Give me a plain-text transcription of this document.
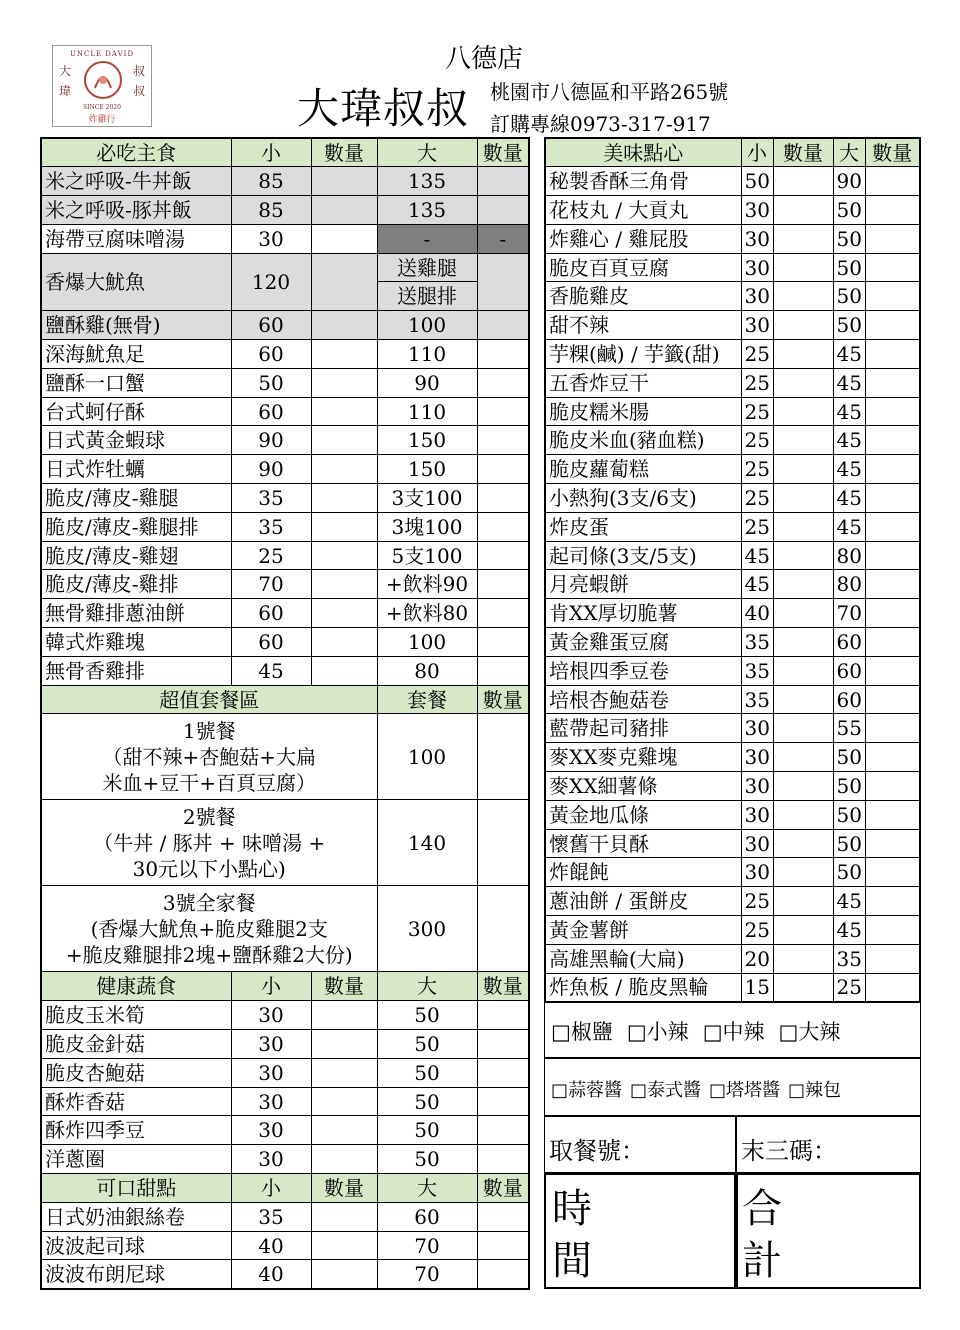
UNCLE DAVID
大	叔
瑋	叔
SINCE 2020
炸雞行
八德店
大瑋叔叔 桃園市八德區和平路265號
訂購專線0973-317-917
必吃主食	小	數量	大	數量
米之呼吸-牛丼飯	85		135	
米之呼吸-豚丼飯	85		135	
海帶豆腐味噌湯	30		-	-
香爆大魷魚	120		送雞腿	
			送腿排	
鹽酥雞(無骨)	60		100	
深海魷魚足	60		110	
鹽酥一口蟹	50		90	
台式蚵仔酥	60		110	
日式黃金蝦球	90		150	
日式炸牡蠣	90		150	
脆皮/薄皮-雞腿	35		3支100	
脆皮/薄皮-雞腿排	35		3塊100	
脆皮/薄皮-雞翅	25		5支100	
脆皮/薄皮-雞排	70		+飲料90	
無骨雞排蔥油餅	60		+飲料80	
韓式炸雞塊	60		100	
無骨香雞排	45		80	
超值套餐區			套餐	數量

1號餐
（甜不辣+杏鮑菇+大扁
米血+豆干+百頁豆腐）			100	

2號餐
（牛丼 / 豚丼 + 味噌湯 +
30元以下小點心)			140	

3號全家餐
(香爆大魷魚+脆皮雞腿2支
+脆皮雞腿排2塊+鹽酥雞2大份)			300	
健康蔬食	小	數量	大	數量
脆皮玉米筍	30		50	
脆皮金針菇	30		50	
脆皮杏鮑菇	30		50	
酥炸香菇	30		50	
酥炸四季豆	30		50	
洋蔥圈	30		50	
可口甜點	小	數量	大	數量
日式奶油銀絲卷	35		60	
波波起司球	40		70	
波波布朗尼球	40		70	
美味點心	小	數量	大	數量
秘製香酥三角骨	50		90	
花枝丸 / 大貢丸	30		50	
炸雞心 / 雞屁股	30		50	
脆皮百頁豆腐	30		50	
香脆雞皮	30		50	
甜不辣	30		50	
芋粿(鹹) / 芋籤(甜)	25		45	
五香炸豆干	25		45	
脆皮糯米腸	25		45	
脆皮米血(豬血糕)	25		45	
脆皮蘿蔔糕	25		45	
小熱狗(3支/6支)	25		45	
炸皮蛋	25		45	
起司條(3支/5支)	45		80	
月亮蝦餅	45		80	
肯XX厚切脆薯	40		70	
黃金雞蛋豆腐	35		60	
培根四季豆卷	35		60	
培根杏鮑菇卷	35		60	
藍帶起司豬排	30		55	
麥XX麥克雞塊	30		50	
麥XX細薯條	30		50	
黃金地瓜條	30		50	
懷舊干貝酥	30		50	
炸餛飩	30		50	
蔥油餅 / 蛋餅皮	25		45	
黃金薯餅	25		45	
高雄黑輪(大扁)	20		35	
炸魚板 / 脆皮黑輪	15		25	
□椒鹽 □小辣 □中辣 □大辣
□蒜蓉醬 □泰式醬 □塔塔醬 □辣包
取餐號：	末三碼：
時
間
合
計
